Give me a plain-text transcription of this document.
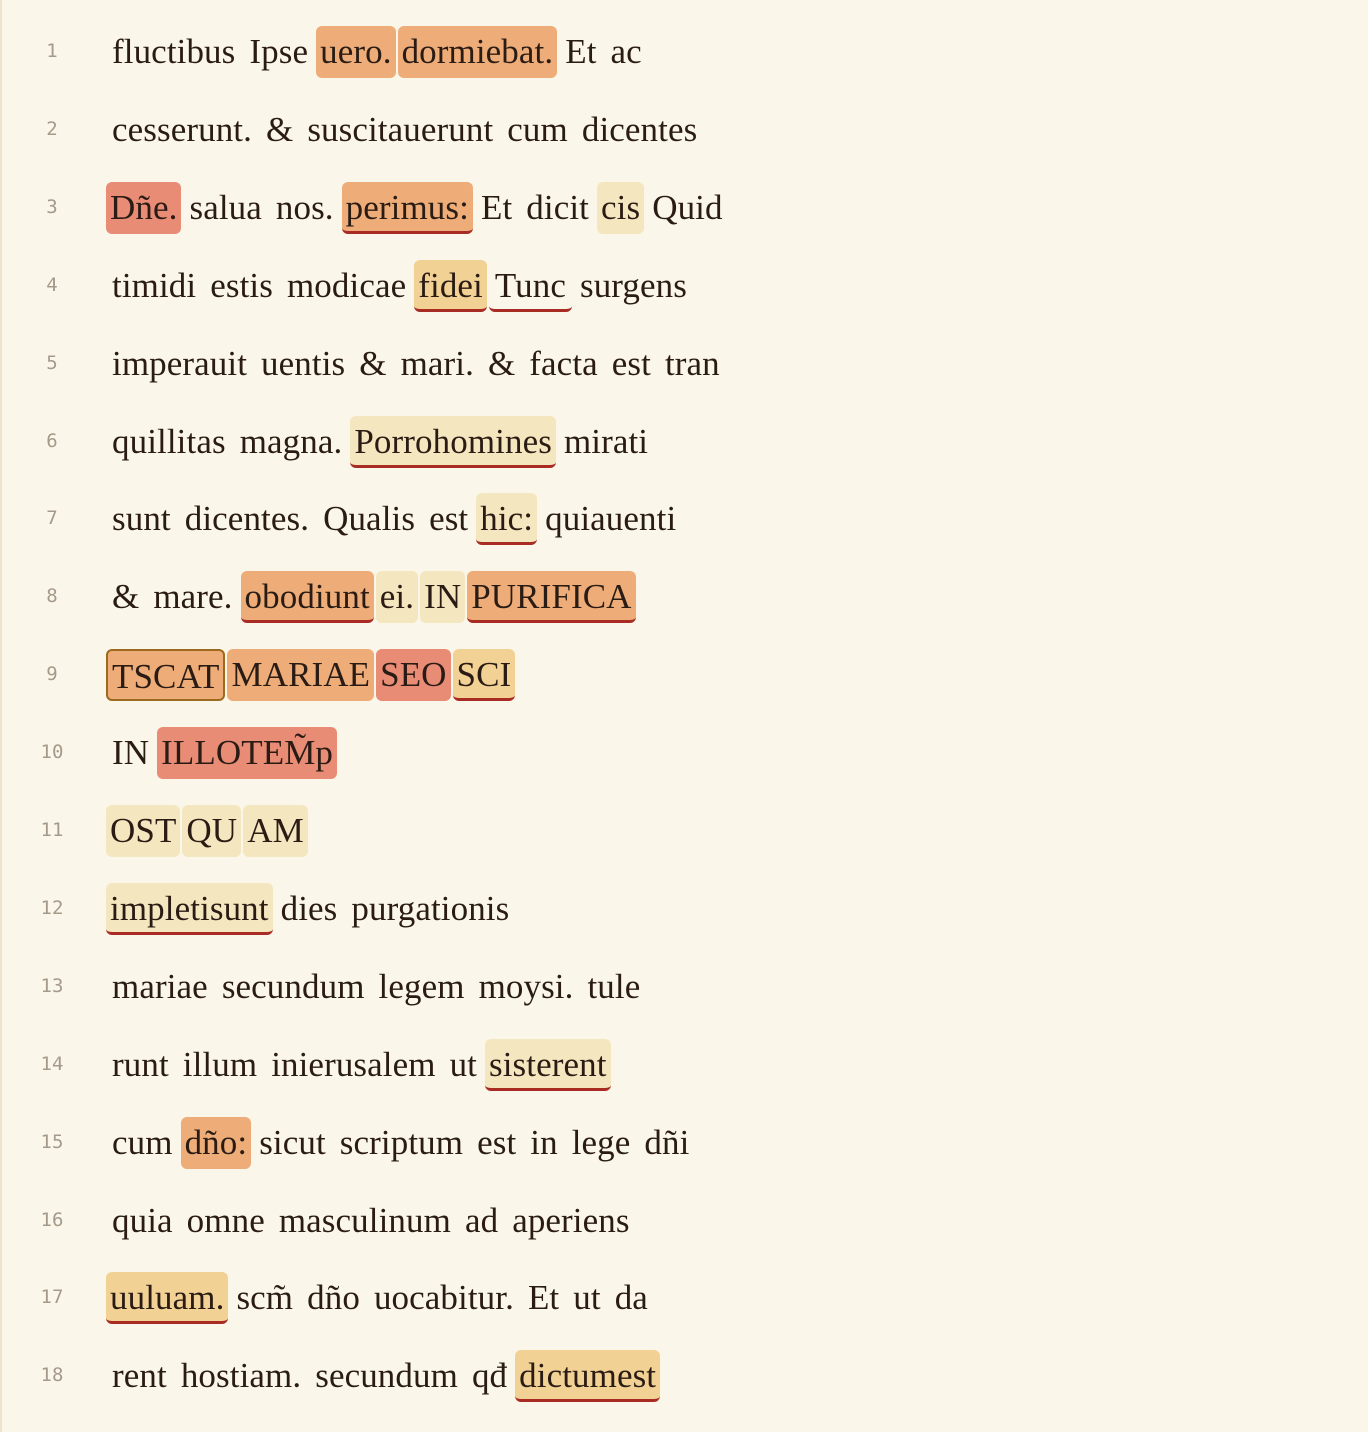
1	fluctibus Ipse uero. dormiebat. Et ac
2	cesserunt. & suscitauerunt cum dicentes
3	Dñe. salua nos. perimus: Et dicit cis Quid
4	timidi estis modicae fidei Tunc surgens
5	imperauit uentis & mari. & facta est tran
6	quillitas magna. Porrohomines mirati
7	sunt dicentes. Qualis est hic: quiauenti
8	& mare. obodiunt ei. IN PURIFICA
9	TSCAT MARIAE SEO SCI
10	IN ILLOTEM̃p
11	OST QU AM
12	impletisunt dies purgationis
13	mariae secundum legem moysi. tule
14	runt illum inierusalem ut sisterent
15	cum dño: sicut scriptum est in lege dñi
16	quia omne masculinum ad aperiens
17	uuluam. scm̃ dño uocabitur. Et ut da
18	rent hostiam. secundum qđ dictumest
